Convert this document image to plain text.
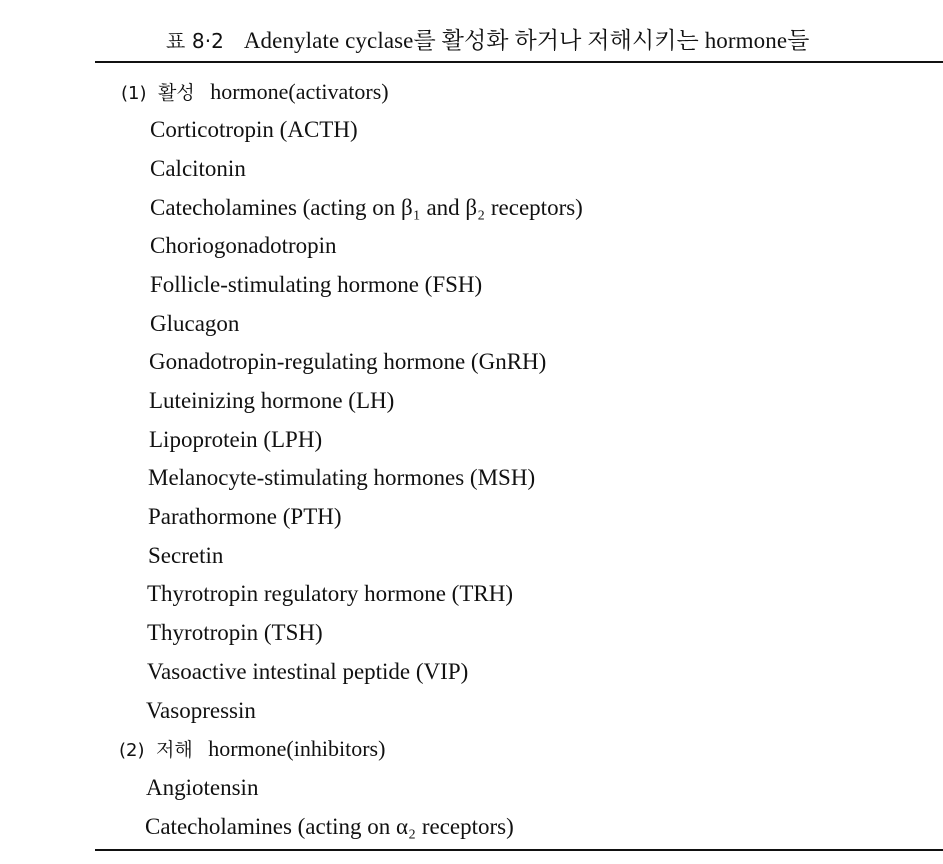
표 8·2 Adenylate cyclase를 활성화 하거나 저해시키는 hormone들
(1) 활성 hormone(activators)
Corticotropin (ACTH)
Calcitonin
Catecholamines (acting on β₁ and β₂ receptors)
Choriogonadotropin
Follicle-stimulating hormone (FSH)
Glucagon
Gonadotropin-regulating hormone (GnRH)
Luteinizing hormone (LH)
Lipoprotein (LPH)
Melanocyte-stimulating hormones (MSH)
Parathormone (PTH)
Secretin
Thyrotropin regulatory hormone (TRH)
Thyrotropin (TSH)
Vasoactive intestinal peptide (VIP)
Vasopressin
(2) 저해 hormone(inhibitors)
Angiotensin
Catecholamines (acting on α₂ receptors)
